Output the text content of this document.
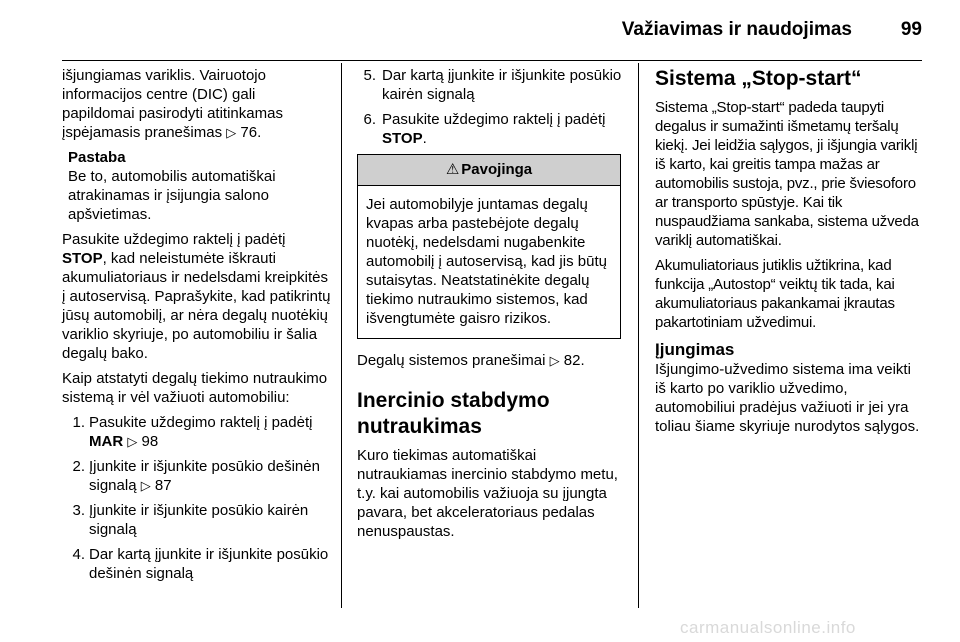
Važiavimas ir naudojimas	99

išjungiamas variklis. Vairuotojo informacijos centre (DIC) gali papildomai pasirodyti atitinkamas įspėjamasis pranešimas ▷ 76.

Pastaba
Be to, automobilis automatiškai atrakinamas ir įsijungia salono apšvietimas.

Pasukite uždegimo raktelį į padėtį STOP, kad neleistumėte iškrauti akumuliatoriaus ir nedelsdami kreipkitės į autoservisą. Paprašykite, kad patikrintų jūsų automobilį, ar nėra degalų nuotėkių variklio skyriuje, po automobiliu ir šalia degalų bako.

Kaip atstatyti degalų tiekimo nutraukimo sistemą ir vėl važiuoti automobiliu:

1. Pasukite uždegimo raktelį į padėtį MAR ▷ 98
2. Įjunkite ir išjunkite posūkio dešinėn signalą ▷ 87
3. Įjunkite ir išjunkite posūkio kairėn signalą
4. Dar kartą įjunkite ir išjunkite posūkio dešinėn signalą
5. Dar kartą įjunkite ir išjunkite posūkio kairėn signalą
6. Pasukite uždegimo raktelį į padėtį STOP.
⚠ Pavojinga
Jei automobilyje juntamas degalų kvapas arba pastebėjote degalų nuotėkį, nedelsdami nugabenkite automobilį į autoservisą, kad jis būtų sutaisytas. Neatstatinėkite degalų tiekimo nutraukimo sistemos, kad išvengtumėte gaisro rizikos.

Degalų sistemos pranešimai ▷ 82.

Inercinio stabdymo nutraukimas

Kuro tiekimas automatiškai nutraukiamas inercinio stabdymo metu, t.y. kai automobilis važiuoja su įjungta pavara, bet akceleratoriaus pedalas nenuspaustas.

Sistema „Stop-start“

Sistema „Stop-start“ padeda taupyti degalus ir sumažinti išmetamų teršalų kiekį. Jei leidžia sąlygos, ji išjungia variklį iš karto, kai greitis tampa mažas ar automobilis sustoja, pvz., prie šviesoforo ar transporto spūstyje. Kai tik nuspaudžiama sankaba, sistema užveda variklį automatiškai.

Akumuliatoriaus jutiklis užtikrina, kad funkcija „Autostop“ veiktų tik tada, kai akumuliatoriaus pakankamai įkrautas pakartotiniam užvedimui.

Įjungimas

Išjungimo-užvedimo sistema ima veikti iš karto po variklio užvedimo, automobiliui pradėjus važiuoti ir jei yra toliau šiame skyriuje nurodytos sąlygos.

carmanualsonline.info
